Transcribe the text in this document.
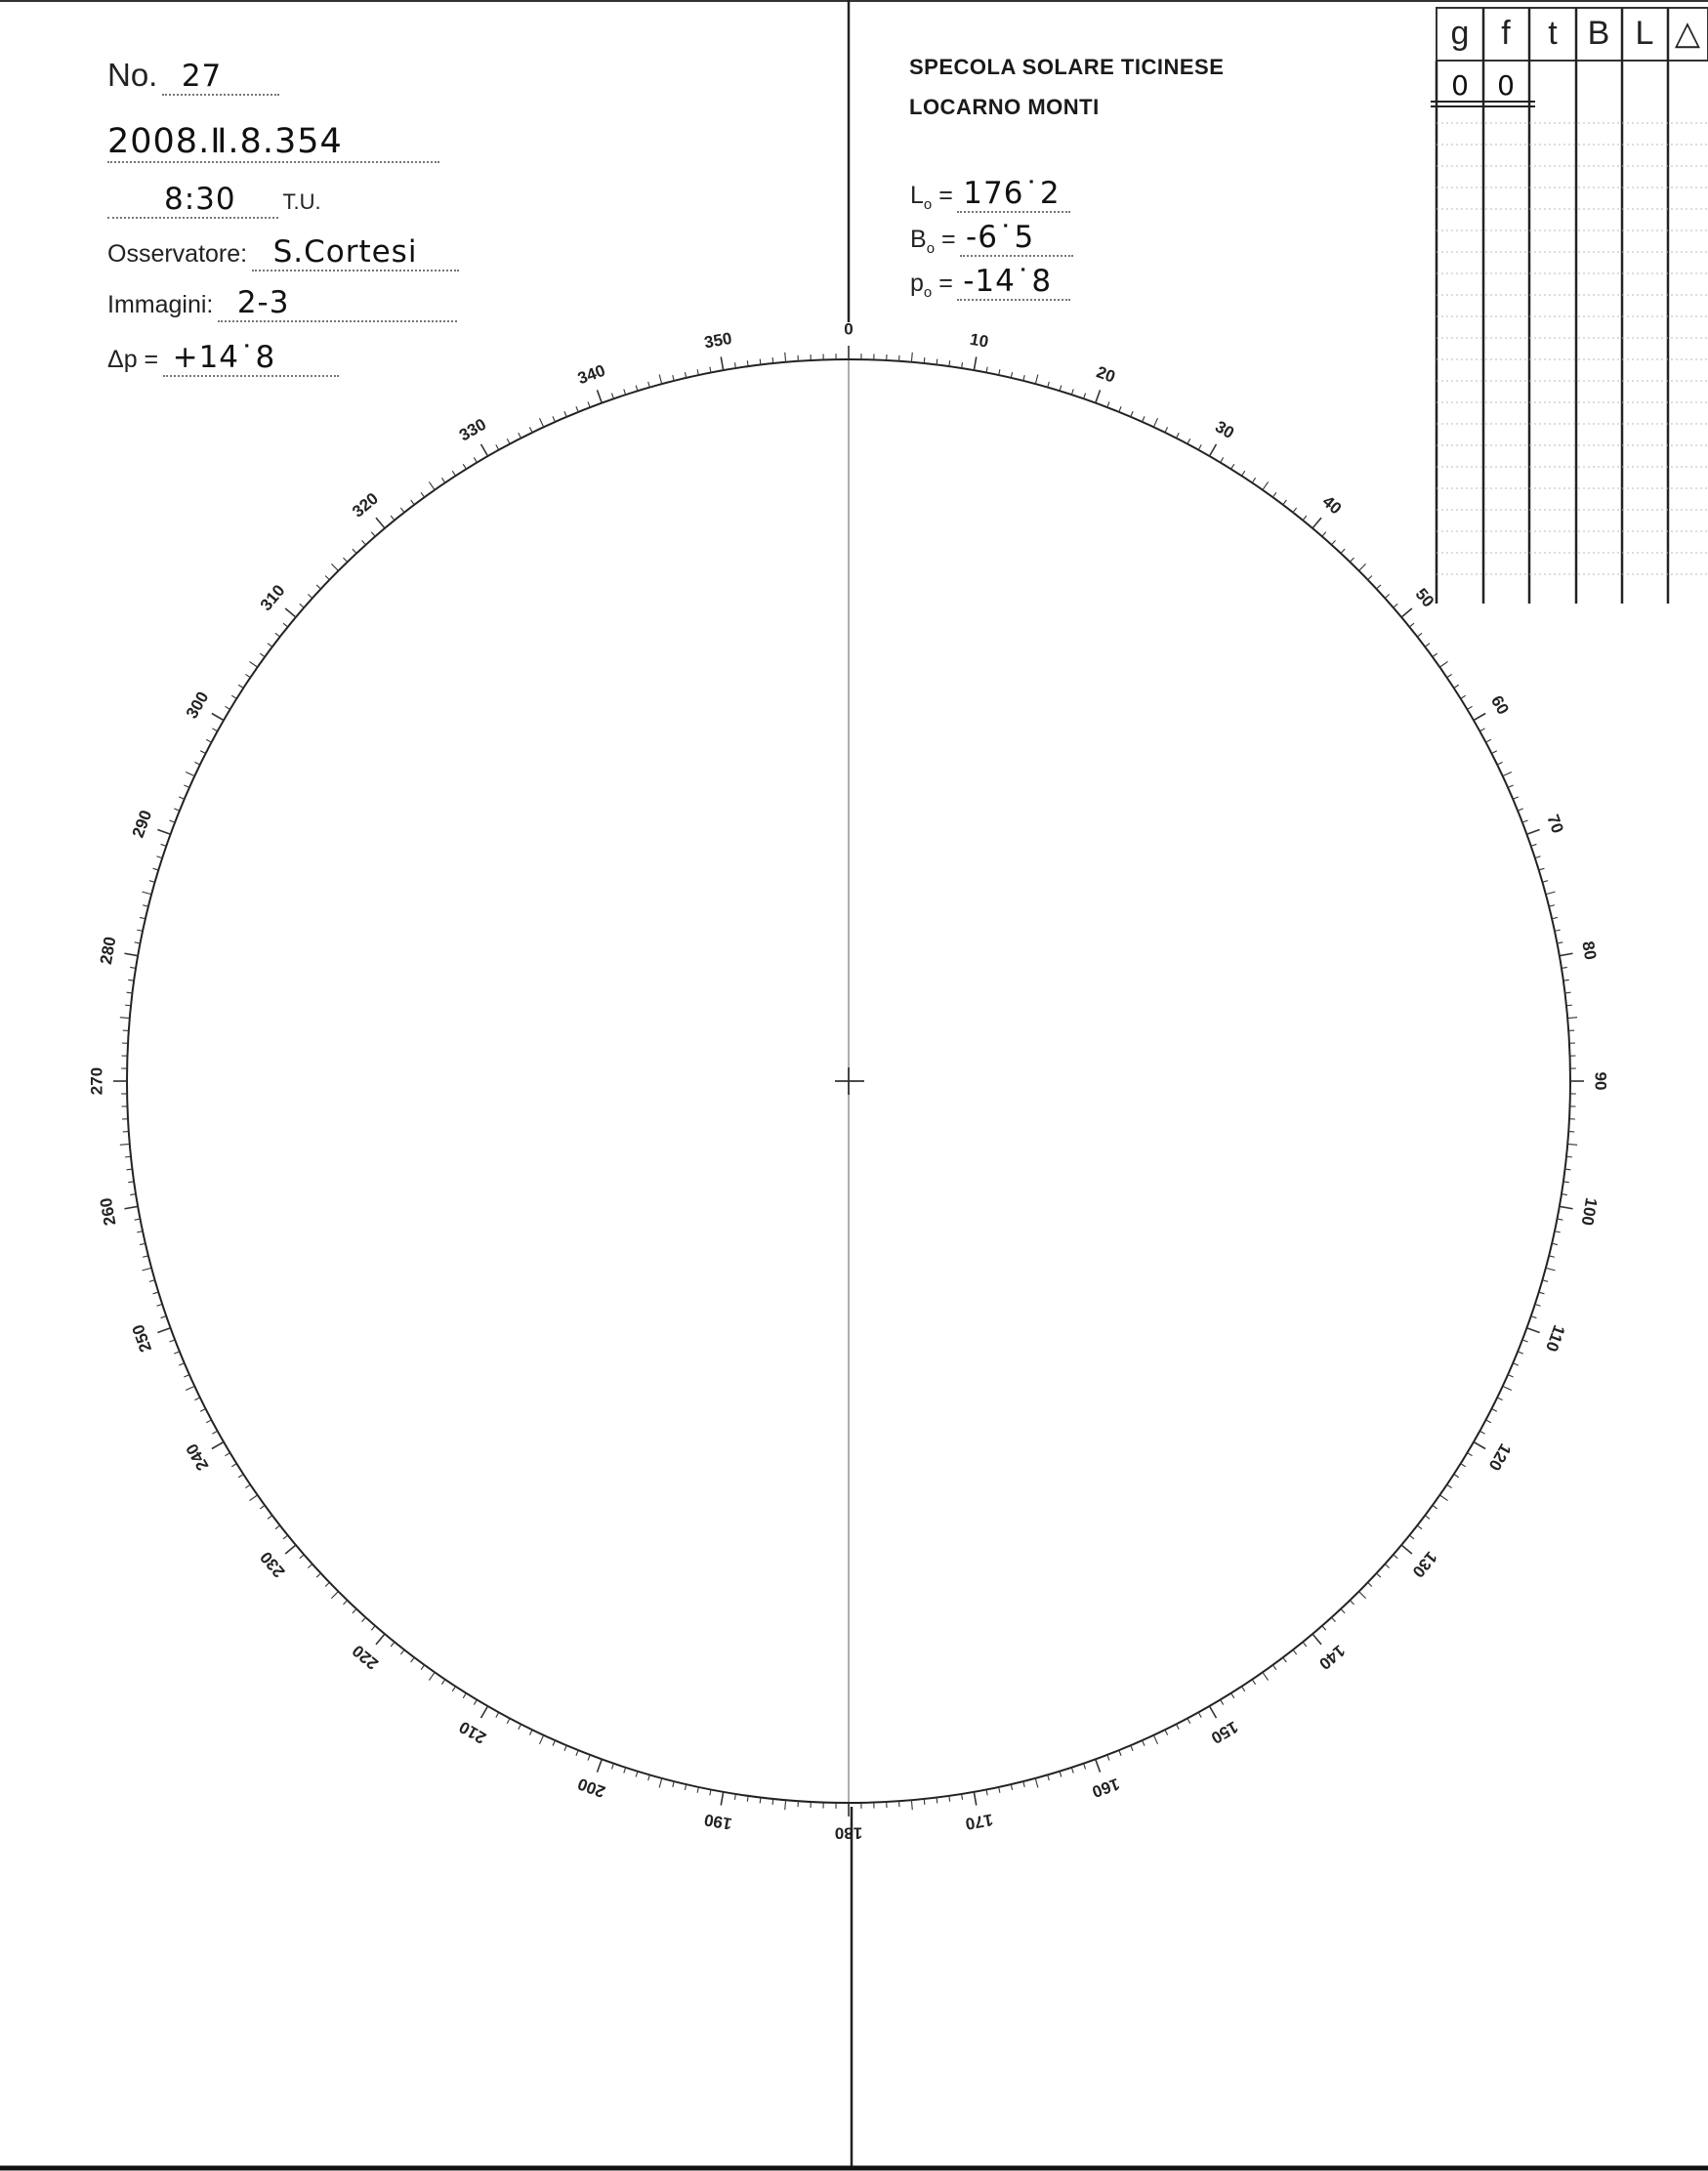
0
10
20
30
40
50
60
70
80
90
100
110
120
130
140
150
160
170
180
190
200
210
220
230
240
250
260
270
280
290
300
310
320
330
340
350
g f t B L △
0 0
No. 27
2008.Ⅱ.8.354
8:30 T.U.
Osservatore: S.Cortesi
Immagini: 2-3
Δp = +14˙8
SPECOLA SOLARE TICINESE
LOCARNO MONTI
$L_o$ = 176˙2
$B_o$ = -6˙5
$p_o$ = -14˙8
